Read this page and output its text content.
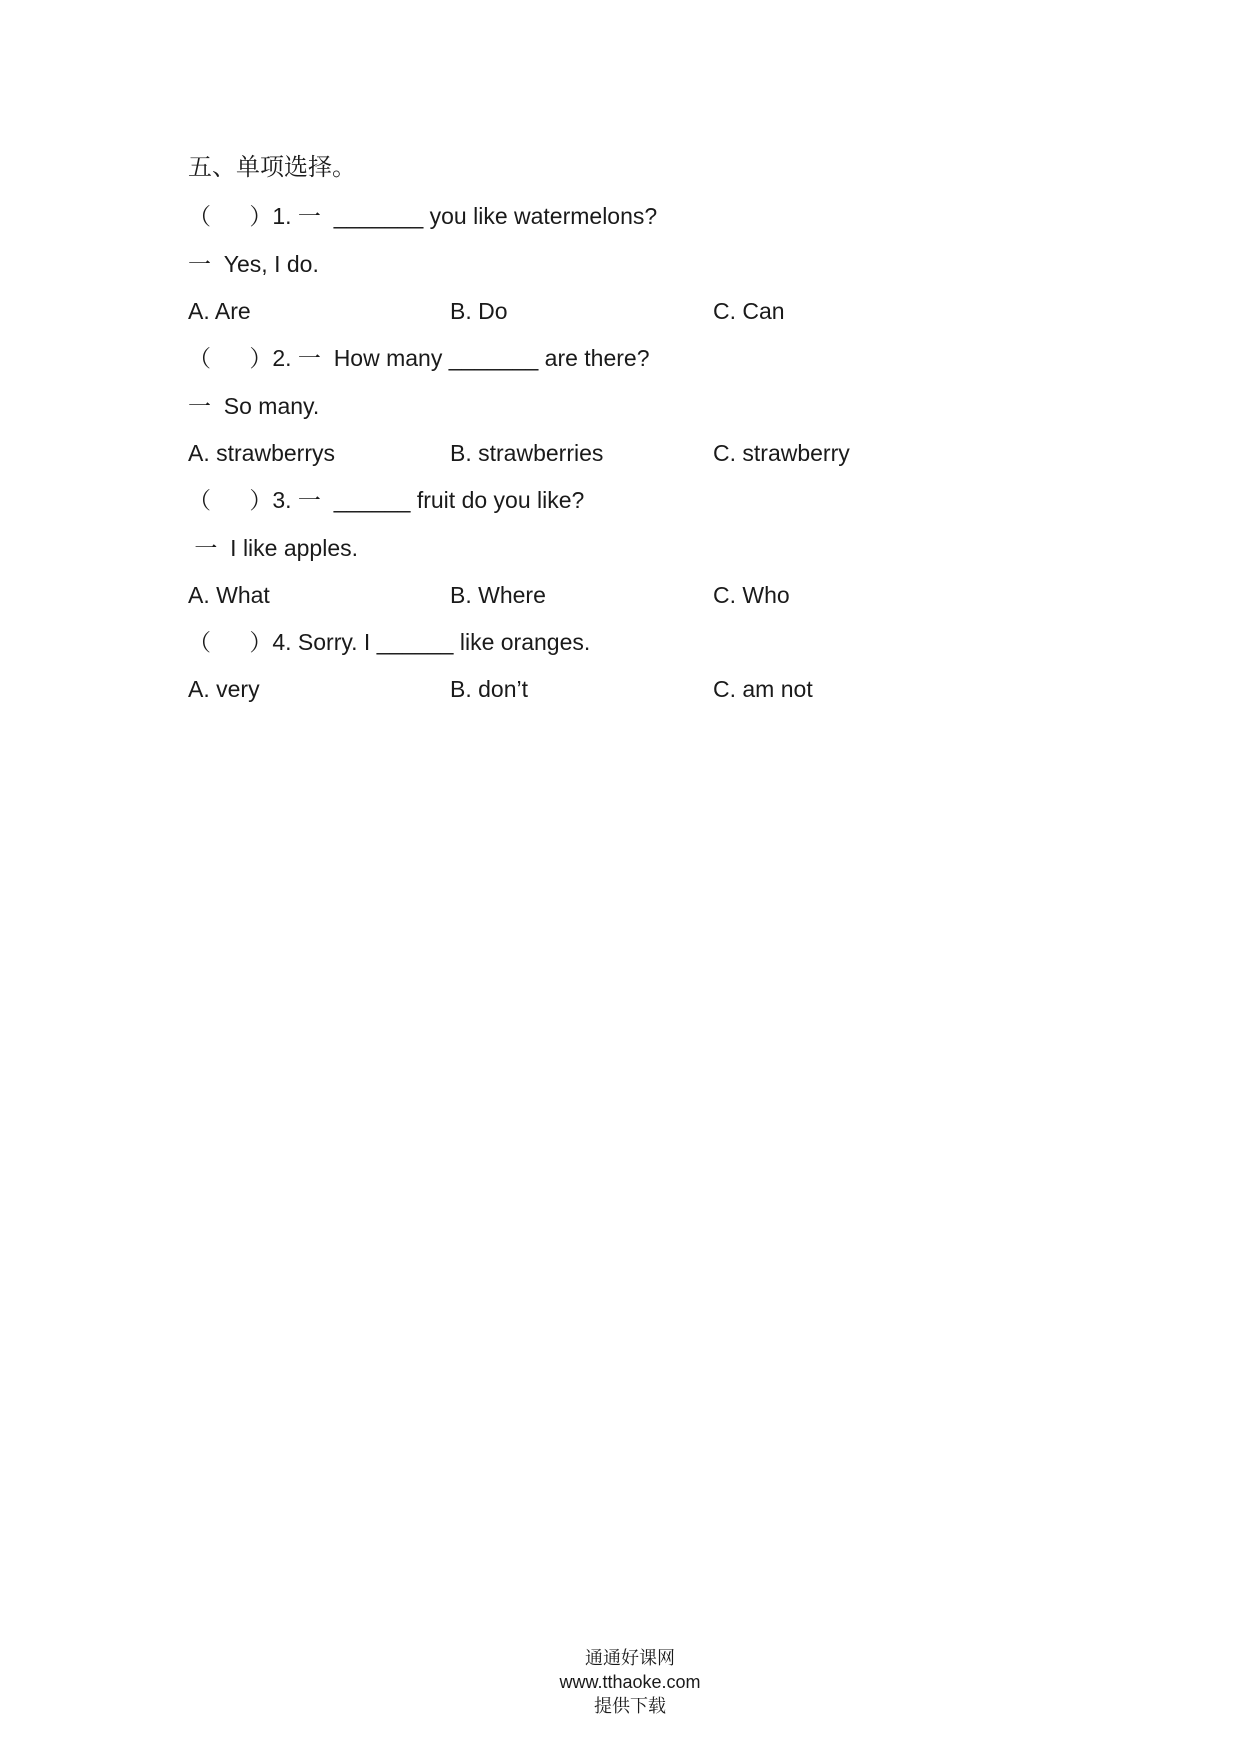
五、单项选择。
（      ）1. 一  _______ you like watermelons?
一  Yes, I do.
A. Are	B. Do	C. Can
（      ）2. 一  How many _______ are there?
一  So many.
A. strawberrys	B. strawberries	C. strawberry
（      ）3. 一  ______ fruit do you like?
一  I like apples.
A. What	B. Where	C. Who
（      ）4. Sorry. I ______ like oranges.
A. very	B. don’t	C. am not

通通好课网
www.tthaoke.com
提供下载
